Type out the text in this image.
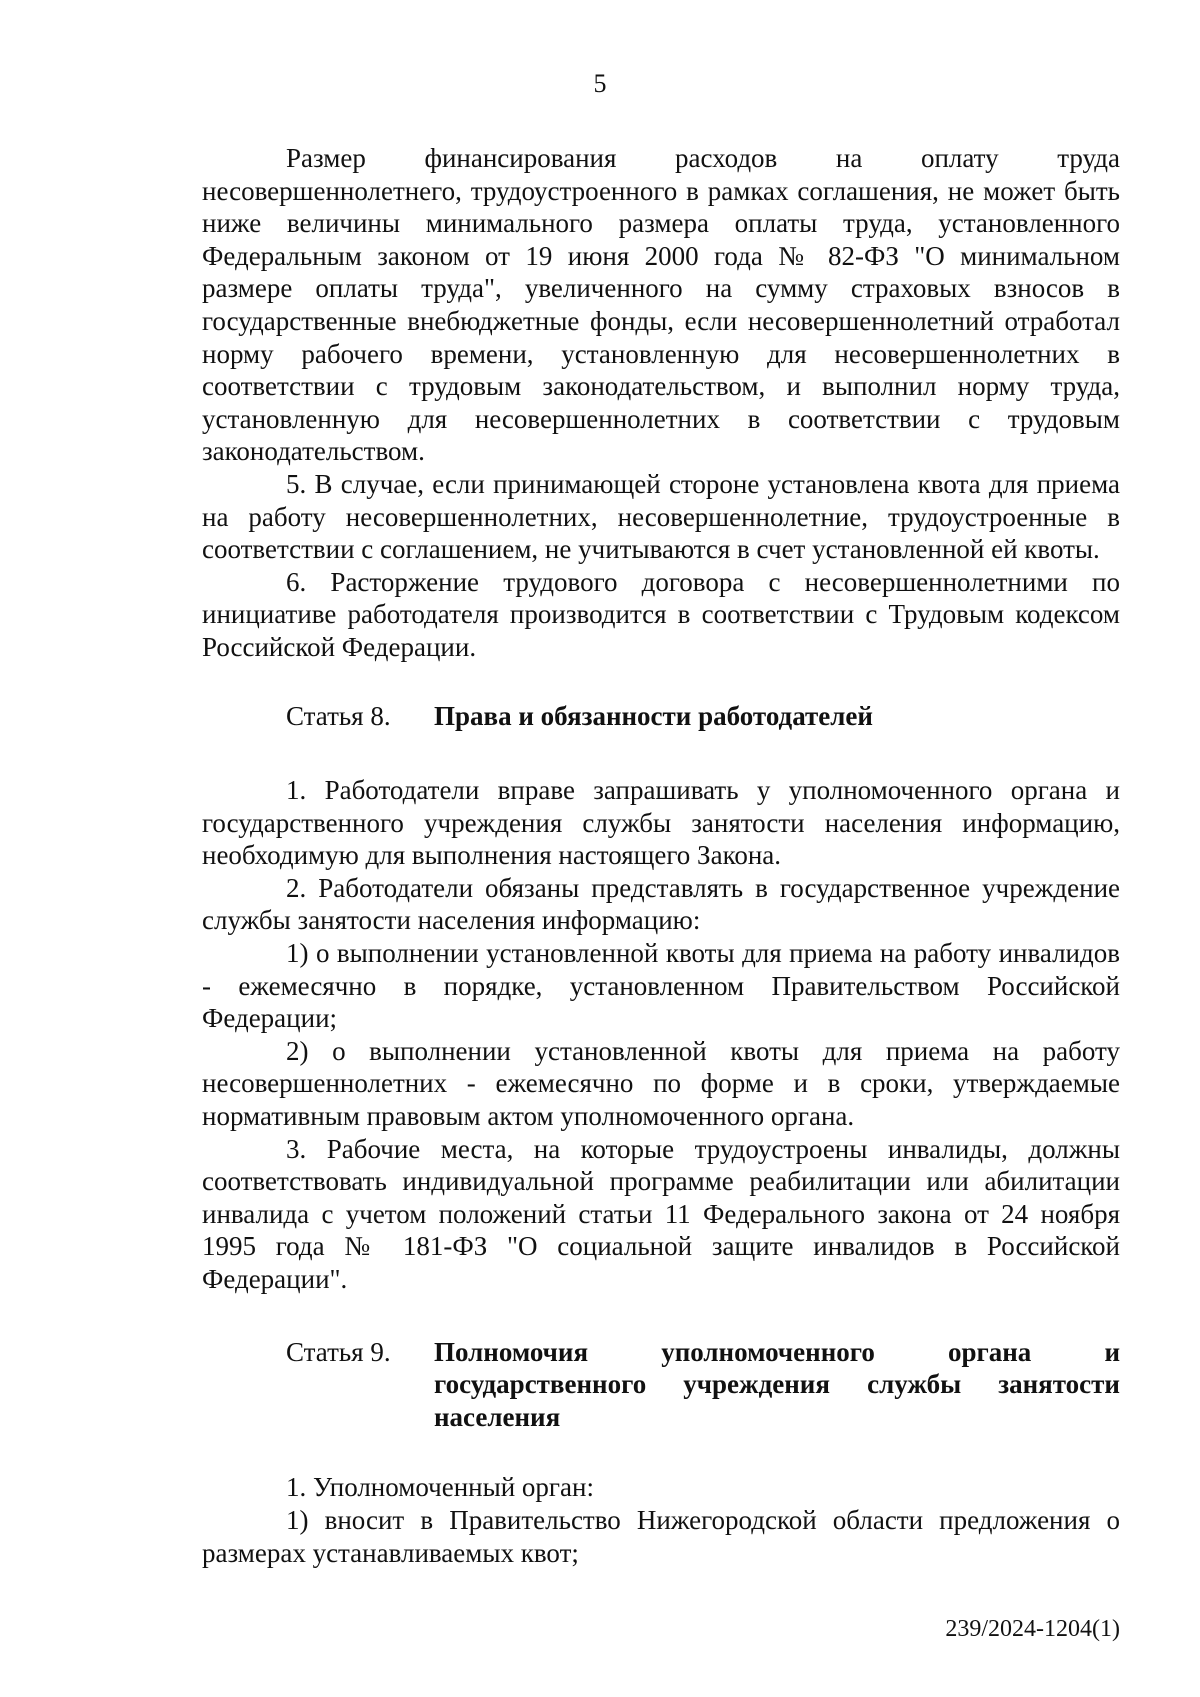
5

Размер финансирования расходов на оплату труда несовершеннолетнего, трудоустроенного в рамках соглашения, не может быть ниже величины минимального размера оплаты труда, установленного Федеральным законом от 19 июня 2000 года № 82-ФЗ "О минимальном размере оплаты труда", увеличенного на сумму страховых взносов в государственные внебюджетные фонды, если несовершеннолетний отработал норму рабочего времени, установленную для несовершеннолетних в соответствии с трудовым законодательством, и выполнил норму труда, установленную для несовершеннолетних в соответствии с трудовым законодательством.

5. В случае, если принимающей стороне установлена квота для приема на работу несовершеннолетних, несовершеннолетние, трудоустроенные в соответствии с соглашением, не учитываются в счет установленной ей квоты.

6. Расторжение трудового договора с несовершеннолетними по инициативе работодателя производится в соответствии с Трудовым кодексом Российской Федерации.

Статья 8.	Права и обязанности работодателей

1. Работодатели вправе запрашивать у уполномоченного органа и государственного учреждения службы занятости населения информацию, необходимую для выполнения настоящего Закона.

2. Работодатели обязаны представлять в государственное учреждение службы занятости населения информацию:

1) о выполнении установленной квоты для приема на работу инвалидов - ежемесячно в порядке, установленном Правительством Российской Федерации;

2) о выполнении установленной квоты для приема на работу несовершеннолетних - ежемесячно по форме и в сроки, утверждаемые нормативным правовым актом уполномоченного органа.

3. Рабочие места, на которые трудоустроены инвалиды, должны соответствовать индивидуальной программе реабилитации или абилитации инвалида с учетом положений статьи 11 Федерального закона от 24 ноября 1995 года № 181-ФЗ "О социальной защите инвалидов в Российской Федерации".

Статья 9.	Полномочия уполномоченного органа и государственного учреждения службы занятости населения

1. Уполномоченный орган:

1) вносит в Правительство Нижегородской области предложения о размерах устанавливаемых квот;

239/2024-1204(1)
